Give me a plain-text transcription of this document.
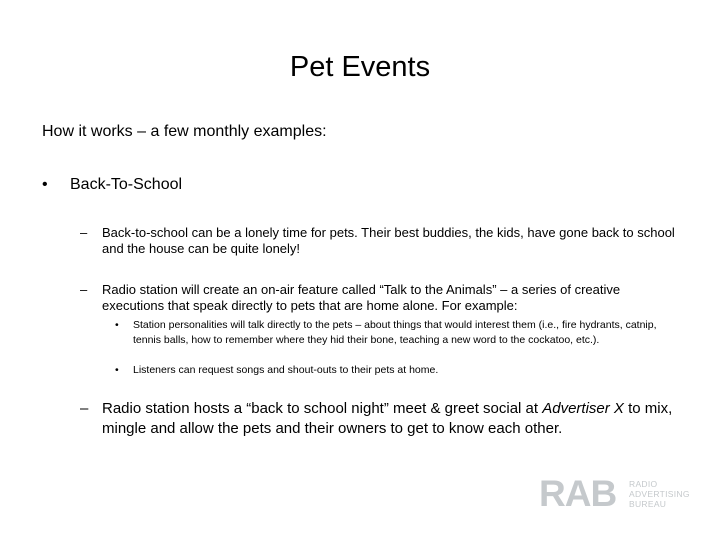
Pet Events
How it works – a few monthly examples:
•	Back-To-School
– Back-to-school can be a lonely time for pets. Their best buddies, the kids, have gone back to school and the house can be quite lonely!
– Radio station will create an on-air feature called “Talk to the Animals” – a series of creative executions that speak directly to pets that are home alone. For example:
• Station personalities will talk directly to the pets – about things that would interest them (i.e., fire hydrants, catnip, tennis balls, how to remember where they hid their bone, teaching a new word to the cockatoo, etc.).
• Listeners can request songs and shout-outs to their pets at home.
– Radio station hosts a “back to school night” meet & greet social at Advertiser X to mix, mingle and allow the pets and their owners to get to know each other.
RAB RADIO
ADVERTISING
BUREAU
